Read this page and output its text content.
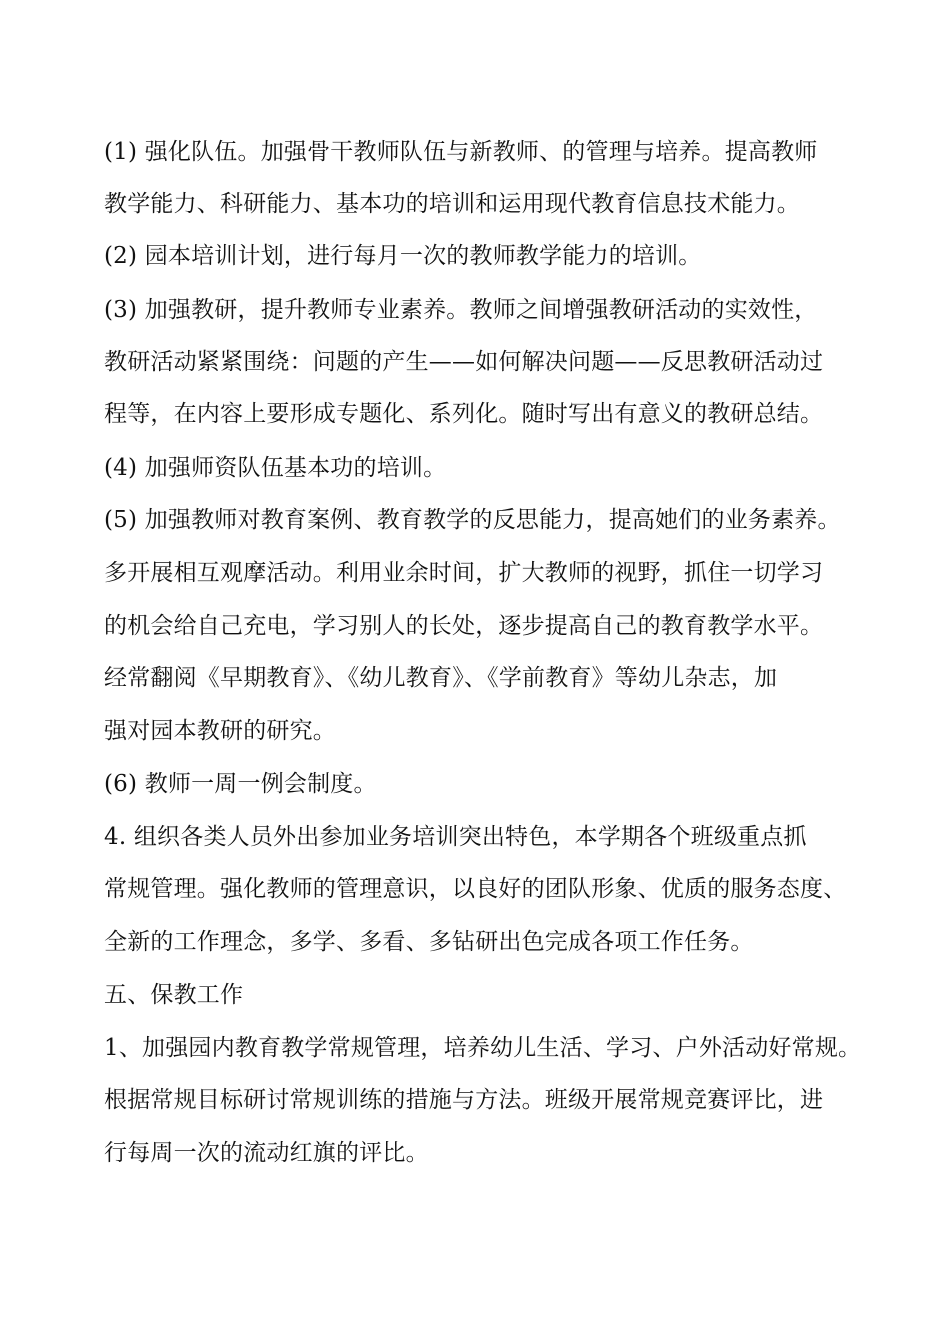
(1) 强化队伍。加强骨干教师队伍与新教师、的管理与培养。提高教师
教学能力、科研能力、基本功的培训和运用现代教育信息技术能力。
(2) 园本培训计划，进行每月一次的教师教学能力的培训。
(3) 加强教研，提升教师专业素养。教师之间增强教研活动的实效性，
教研活动紧紧围绕：问题的产生——如何解决问题——反思教研活动过
程等，在内容上要形成专题化、系列化。随时写出有意义的教研总结。
(4) 加强师资队伍基本功的培训。
(5) 加强教师对教育案例、教育教学的反思能力，提高她们的业务素养。
多开展相互观摩活动。利用业余时间，扩大教师的视野，抓住一切学习
的机会给自己充电，学习别人的长处，逐步提高自己的教育教学水平。
经常翻阅《早期教育》、《幼儿教育》、《学前教育》等幼儿杂志，加
强对园本教研的研究。
(6) 教师一周一例会制度。
4. 组织各类人员外出参加业务培训突出特色，本学期各个班级重点抓
常规管理。强化教师的管理意识，以良好的团队形象、优质的服务态度、
全新的工作理念，多学、多看、多钻研出色完成各项工作任务。
五、保教工作
1、加强园内教育教学常规管理，培养幼儿生活、学习、户外活动好常规。
根据常规目标研讨常规训练的措施与方法。班级开展常规竞赛评比，进
行每周一次的流动红旗的评比。
